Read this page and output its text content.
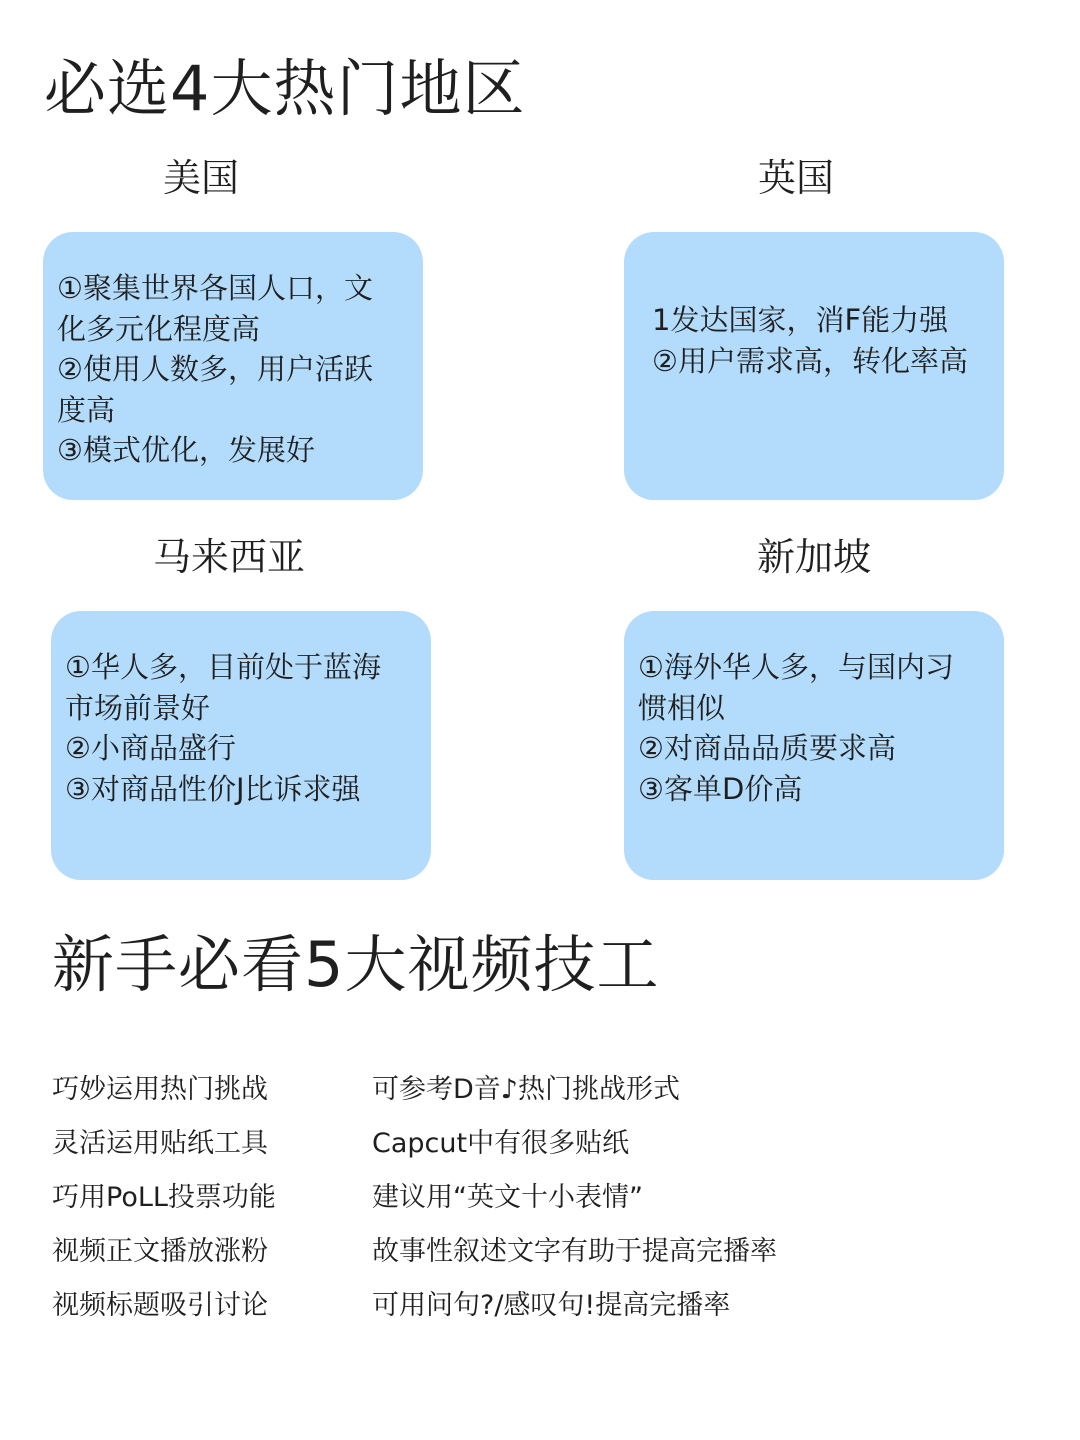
必选4大热门地区
美国
①聚集世界各国人口，文
化多元化程度高
②使用人数多，用户活跃
度高
③模式优化，发展好
英国
1发达国家，消F能力强
②用户需求高，转化率高
马来西亚
①华人多，目前处于蓝海
市场前景好
②小商品盛行
③对商品性价J比诉求强
新加坡
①海外华人多，与国内习
惯相似
②对商品品质要求高
③客单D价高
新手必看5大视频技工
巧妙运用热门挑战	可参考D音♪热门挑战形式
灵活运用贴纸工具	Capcut中有很多贴纸
巧用PoLL投票功能	建议用“英文十小表情”
视频正文播放涨粉	故事性叙述文字有助于提高完播率
视频标题吸引讨论	可用问句?/感叹句!提高完播率
